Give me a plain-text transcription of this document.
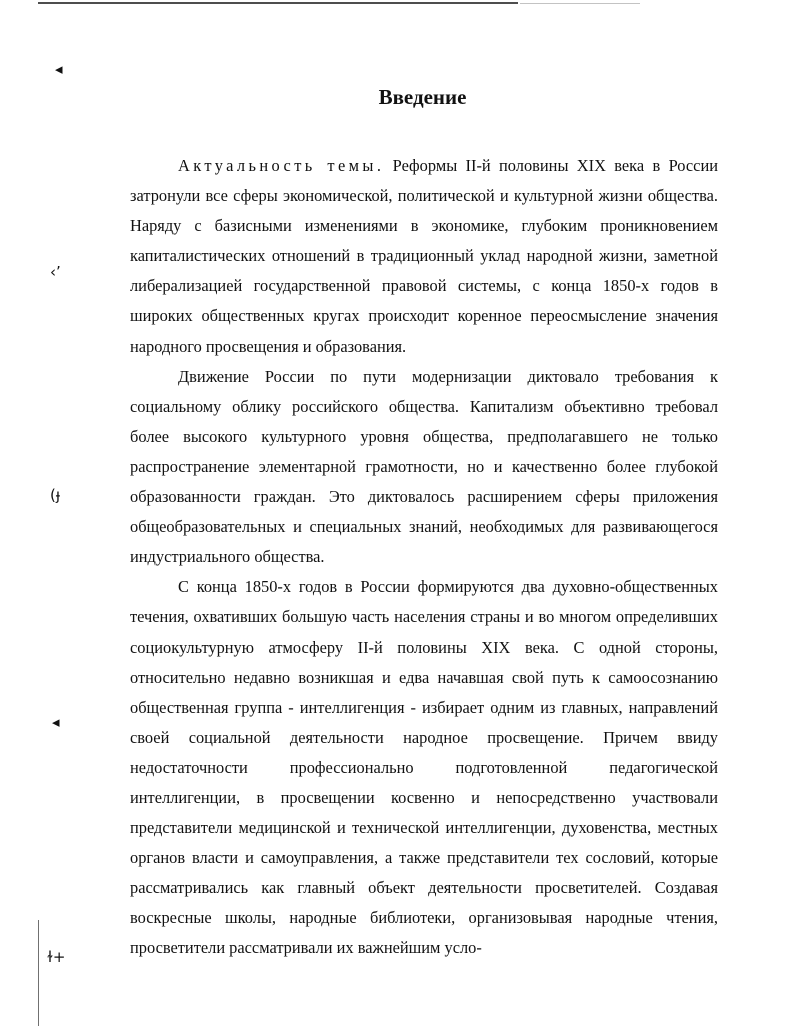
◂
‹ʼ
(ɟ
◂
ɫ+
Введение

Актуальность темы. Реформы II-й половины XIX века в России затронули все сферы экономической, политической и культурной жизни общества. Наряду с базисными изменениями в экономике, глубоким проникновением капиталистических отношений в традиционный уклад народной жизни, заметной либерализацией государственной правовой системы, с конца 1850-х годов в широких общественных кругах происходит коренное переосмысление значения народного просвещения и образования.

Движение России по пути модернизации диктовало требования к социальному облику российского общества. Капитализм объективно требовал более высокого культурного уровня общества, предполагавшего не только распространение элементарной грамотности, но и качественно более глубокой образованности граждан. Это диктовалось расширением сферы приложения общеобразовательных и специальных знаний, необходимых для развивающегося индустриального общества.

С конца 1850-х годов в России формируются два духовно-общественных течения, охвативших большую часть населения страны и во многом определивших социокультурную атмосферу II-й половины XIX века. С одной стороны, относительно недавно возникшая и едва начавшая свой путь к самоосознанию общественная группа - интеллигенция - избирает одним из главных, направлений своей социальной деятельности народное просвещение. Причем ввиду недостаточности профессионально подготовленной педагогической интеллигенции, в просвещении косвенно и непосредственно участвовали представители медицинской и технической интеллигенции, духовенства, местных органов власти и самоуправления, а также представители тех сословий, которые рассматривались как главный объект деятельности просветителей. Создавая воскресные школы, народные библиотеки, организовывая народные чтения, просветители рассматривали их важнейшим усло-
